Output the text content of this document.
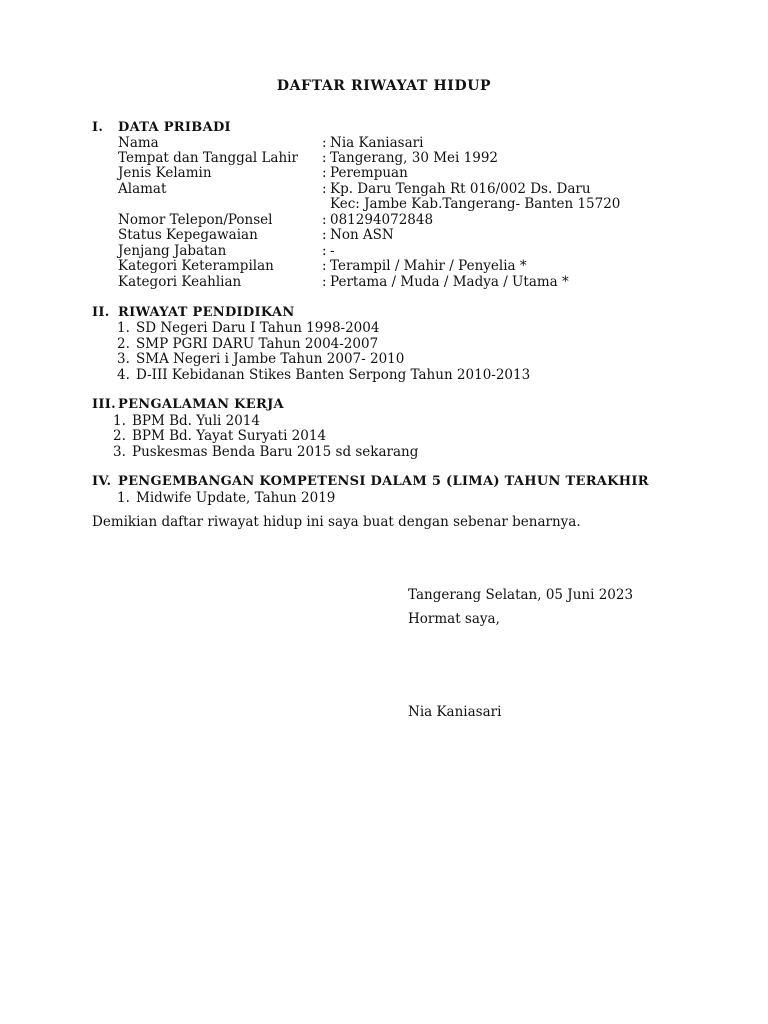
DAFTAR RIWAYAT HIDUP
I. DATA PRIBADI
Nama	: Nia Kaniasari
Tempat dan Tanggal Lahir : Tangerang, 30 Mei 1992
Jenis Kelamin	: Perempuan
Alamat	: Kp. Daru Tengah Rt 016/002 Ds. Daru
Kec: Jambe Kab.Tangerang- Banten 15720
Nomor Telepon/Ponsel	: 081294072848
Status Kepegawaian	: Non ASN
Jenjang Jabatan	: -
Kategori Keterampilan	: Terampil / Mahir / Penyelia *
Kategori Keahlian	: Pertama / Muda / Madya / Utama *
II. RIWAYAT PENDIDIKAN
1. SD Negeri Daru I Tahun 1998-2004
2. SMP PGRI DARU Tahun 2004-2007
3. SMA Negeri i Jambe Tahun 2007- 2010
4. D-III Kebidanan Stikes Banten Serpong Tahun 2010-2013
III. PENGALAMAN KERJA
1. BPM Bd. Yuli 2014
2. BPM Bd. Yayat Suryati 2014
3. Puskesmas Benda Baru 2015 sd sekarang
IV. PENGEMBANGAN KOMPETENSI DALAM 5 (LIMA) TAHUN TERAKHIR
1. Midwife Update, Tahun 2019
Demikian daftar riwayat hidup ini saya buat dengan sebenar benarnya.
Tangerang Selatan, 05 Juni 2023
Hormat saya,
Nia Kaniasari
